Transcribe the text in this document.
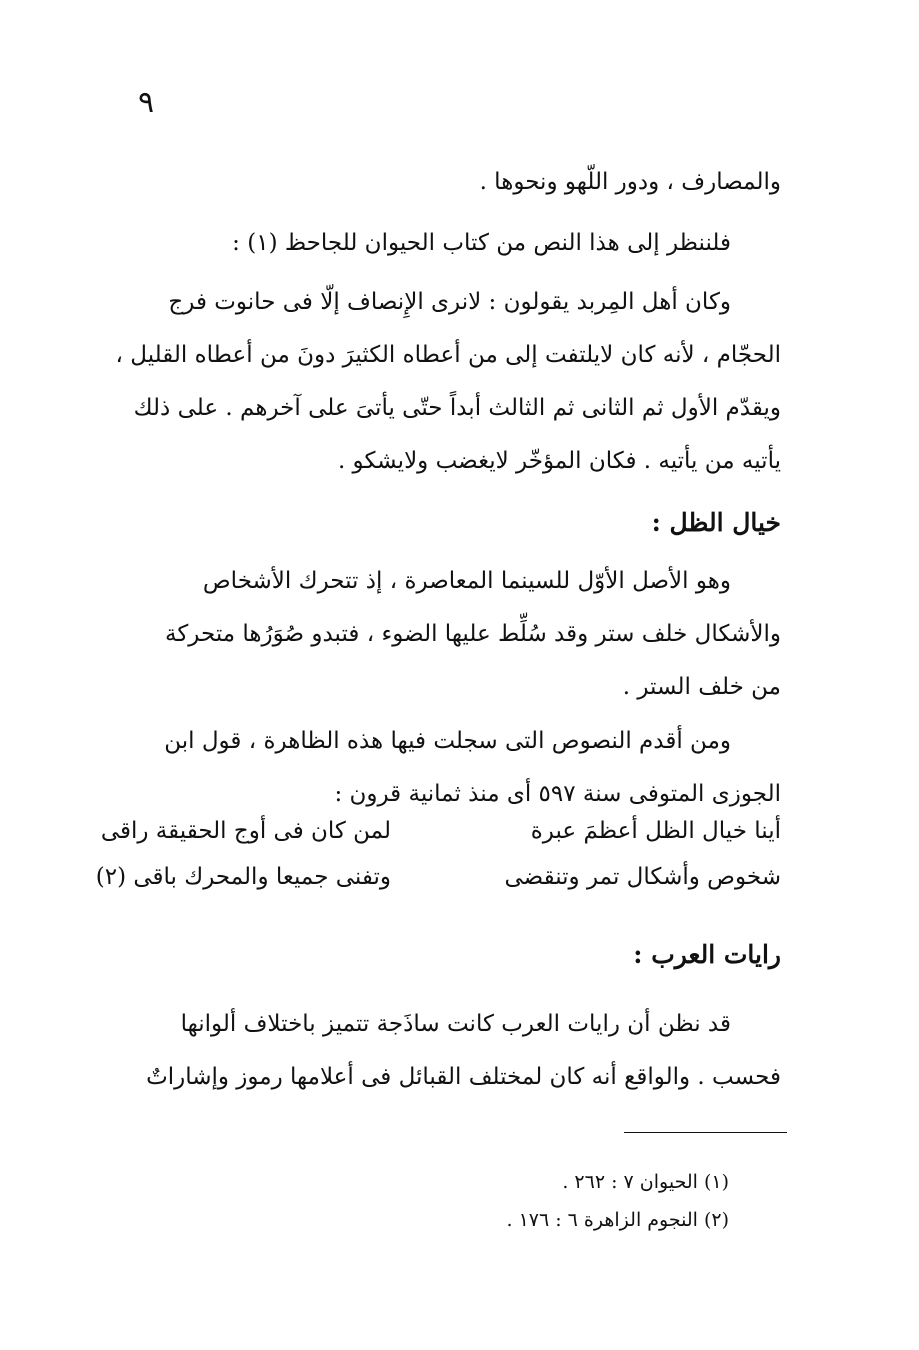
٩
والمصارف ، ودور اللّهو ونحوها .
فلننظر إلى هذا النص من كتاب الحيوان للجاحظ (١) :
وكان أهل المِربد يقولون : لانرى الإِنصاف إلّا فى حانوت فرج
الحجّام ، لأنه كان لايلتفت إلى من أعطاه الكثيرَ دونَ من أعطاه القليل ،
ويقدّم الأول ثم الثانى ثم الثالث أبداً حتّى يأتىَ على آخرهم . على ذلك
يأتيه من يأتيه . فكان المؤخّر لايغضب ولايشكو .
خيال الظل :
وهو الأصل الأوّل للسينما المعاصرة ، إذ تتحرك الأشخاص
والأشكال خلف ستر وقد سُلِّط عليها الضوء ، فتبدو صُوَرُها متحركة
من خلف الستر .
ومن أقدم النصوص التى سجلت فيها هذه الظاهرة ، قول ابن
الجوزى المتوفى سنة ٥٩٧ أى منذ ثمانية قرون :
أينا خيال الظل أعظمَ عبرة
لمن كان فى أوج الحقيقة راقى
شخوص وأشكال تمر وتنقضى
وتفنى جميعا والمحرك باقى (٢)
رايات العرب :
قد نظن أن رايات العرب كانت ساذَجة تتميز باختلاف ألوانها
فحسب . والواقع أنه كان لمختلف القبائل فى أعلامها رموز وإشاراتٌ
(١) الحيوان ٧ : ٢٦٢ .
(٢) النجوم الزاهرة ٦ : ١٧٦ .
